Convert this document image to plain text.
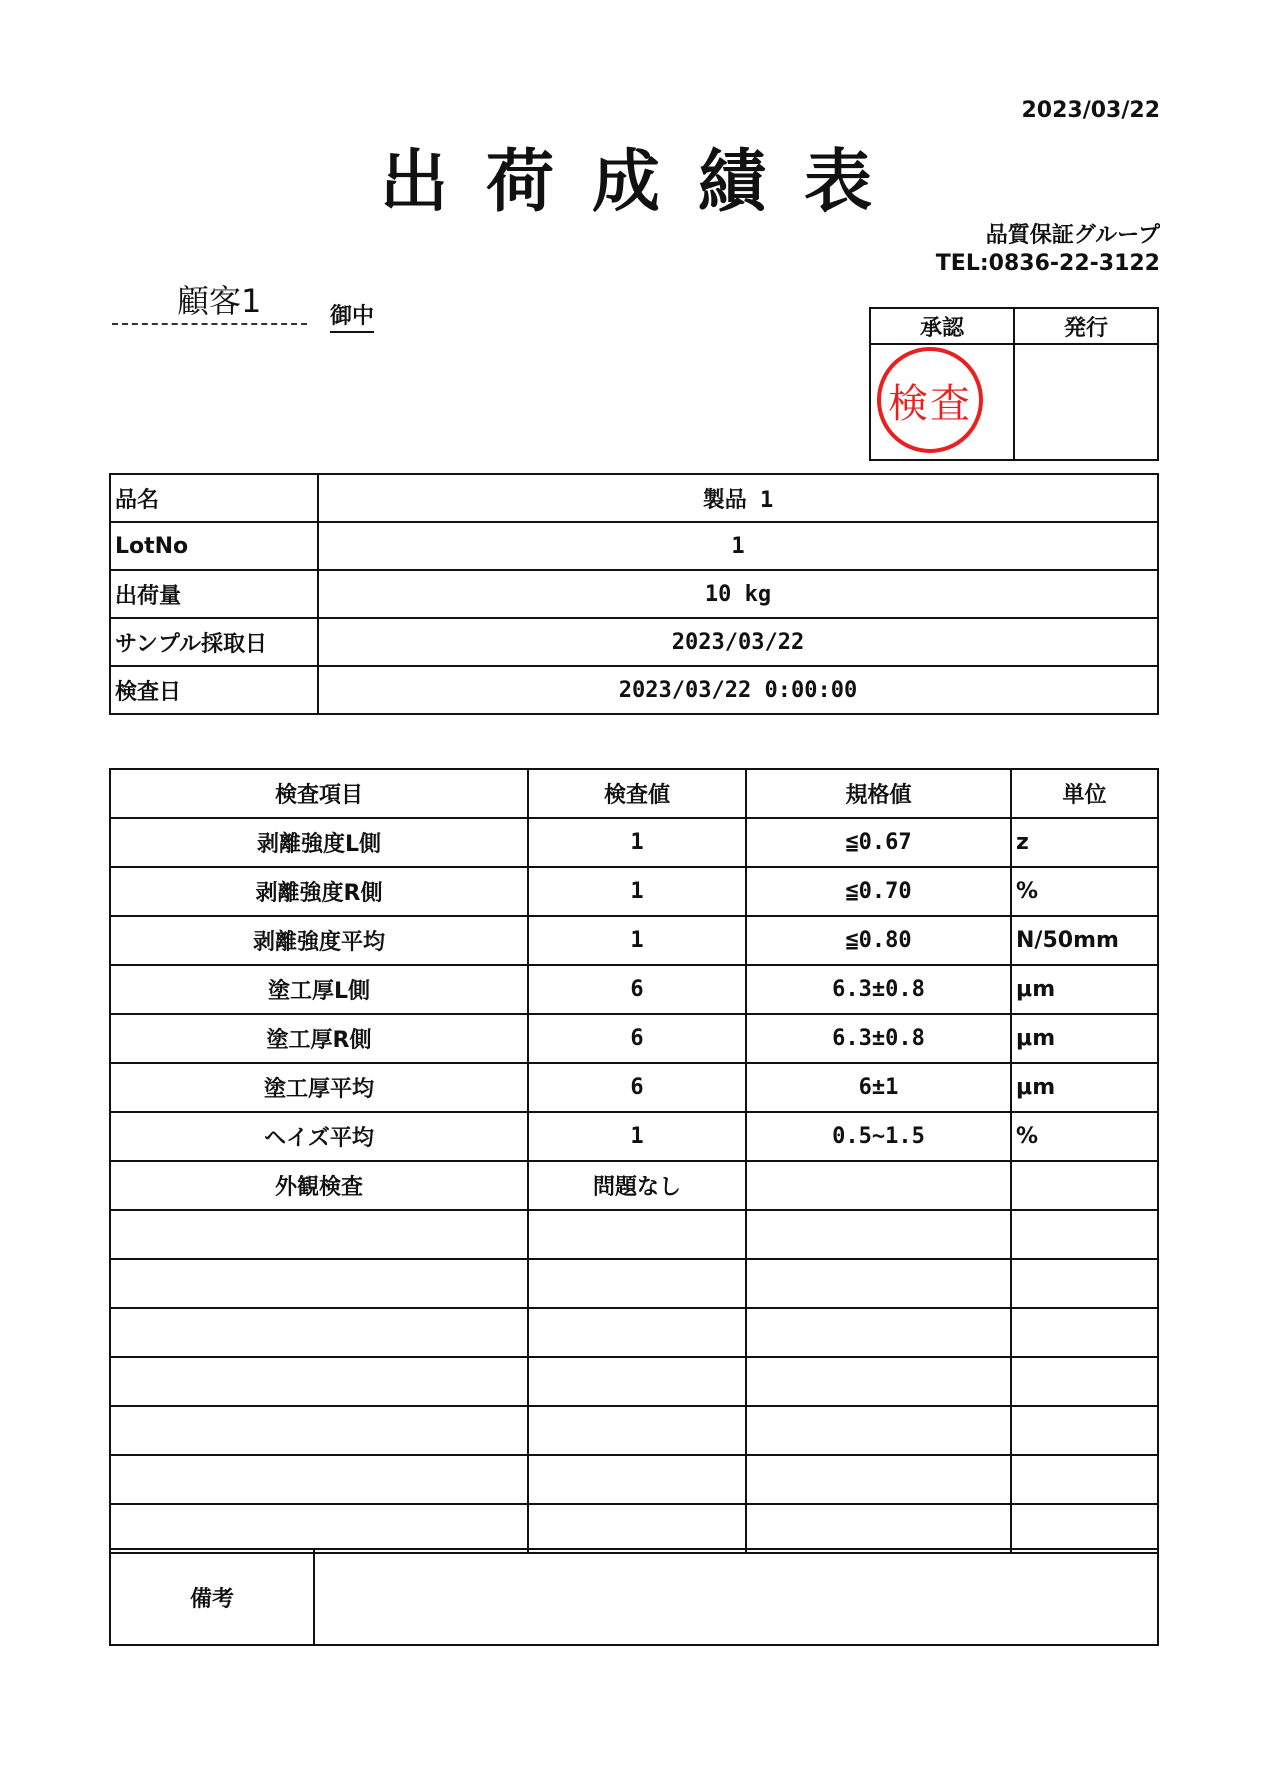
2023/03/22
出荷成績表
品質保証グループ
TEL:0836-22-3122
顧客1	御中	承認	発行

検査	

品名	製品 1
LotNo	1
出荷量	10 kg
サンプル採取日	2023/03/22
検査日	2023/03/22 0:00:00
検査項目	検査値	規格値	単位
剥離強度L側	1	≦0.67	z
剥離強度R側	1	≦0.70	%
剥離強度平均	1	≦0.80	N/50mm
塗工厚L側	6	6.3±0.8	μm
塗工厚R側	6	6.3±0.8	μm
塗工厚平均	6	6±1	μm
ヘイズ平均	1	0.5~1.5	%
外観検査	問題なし		

備考	
